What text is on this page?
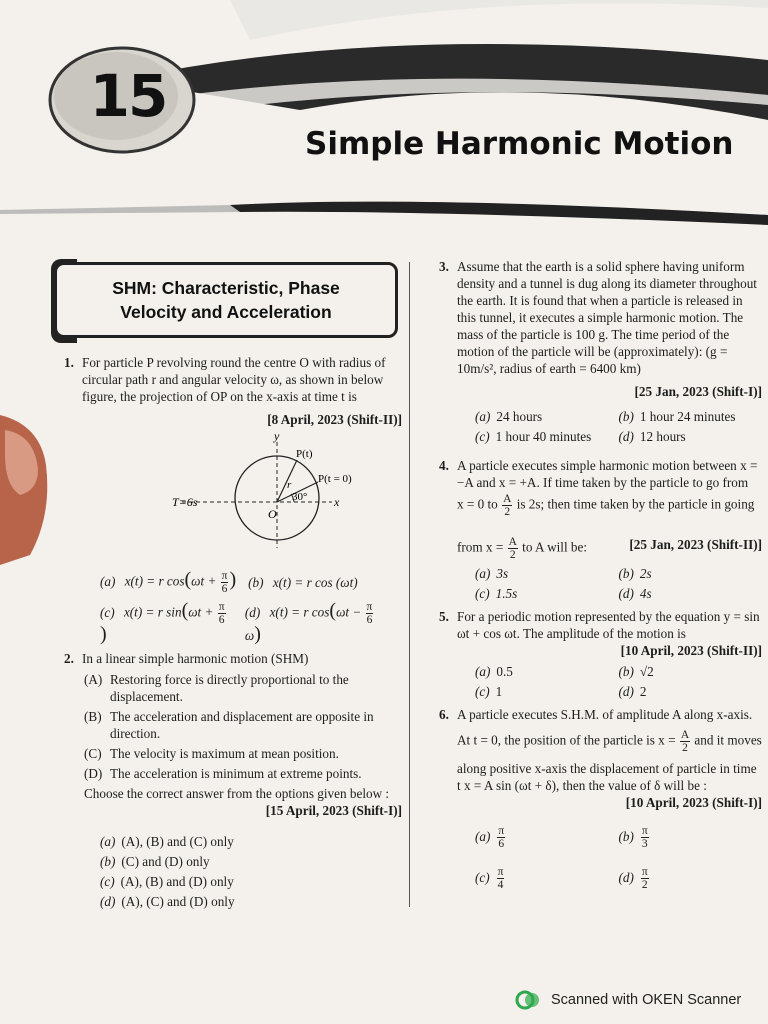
15
Simple Harmonic Motion
SHM: Characteristic, Phase
Velocity and Acceleration
1. For particle P revolving round the centre O with radius of circular path r and angular velocity ω, as shown in below figure, the projection of OP on the x-axis at time t is
[8 April, 2023 (Shift-II)]
T=6s
y
x
O
P(t)
P(t = 0)
r
30°
(a) x(t) = r $\cos(\omega t + \frac{\pi}{6}$ ) (b) x(t) = r cos (ωt)
(c) x(t) = r $\sin(\omega t + \frac{\pi}{6}$
)
(d) x(t) = r $\cos(\omega t - \frac{\pi}{6}$
ω)
2. In a linear simple harmonic motion (SHM)
(A) Restoring force is directly proportional to the displacement.
(B) The acceleration and displacement are opposite in direction.
(C) The velocity is maximum at mean position.
(D) The acceleration is minimum at extreme points.
Choose the correct answer from the options given below :
[15 April, 2023 (Shift-I)]
(a) (A), (B) and (C) only
(b) (C) and (D) only
(c) (A), (B) and (D) only
(d) (A), (C) and (D) only
3. Assume that the earth is a solid sphere having uniform density and a tunnel is dug along its diameter throughout the earth. It is found that when a particle is released in this tunnel, it executes a simple harmonic motion. The mass of the particle is 100 g. The time period of the motion of the particle will be (approximately): (g = 10m/s², radius of earth = 6400 km)
[25 Jan, 2023 (Shift-I)]
(a) 24 hours	(b) 1 hour 24 minutes
(c) 1 hour 40 minutes	(d) 12 hours
4. A particle executes simple harmonic motion between x = −A and x = +A. If time taken by the particle to go from
x = 0 to $\frac{A}{2}$ is 2s; then time taken by the particle in going
from $x = \frac{A}{2}$ to A will be:	[25 Jan, 2023 (Shift-II)]
(a) 3s	(b) 2s
(c) 1.5s	(d) 4s
5. For a periodic motion represented by the equation y = sin ωt + cos ωt. The amplitude of the motion is
[10 April, 2023 (Shift-II)]
(a) 0.5	(b) √2
(c) 1	(d) 2
6. A particle executes S.H.M. of amplitude A along x-axis.
At t = 0, the position of the particle is $x = \frac{A}{2}$ and it moves
along positive x-axis the displacement of particle in time t x = A sin (ωt + δ), then the value of δ will be :
[10 April, 2023 (Shift-I)]
$(a) \frac{\pi}{6}$	$(b) \frac{\pi}{3}$
$(c) \frac{\pi}{4}$	$(d) \frac{\pi}{2}$
Scanned with OKEN Scanner
